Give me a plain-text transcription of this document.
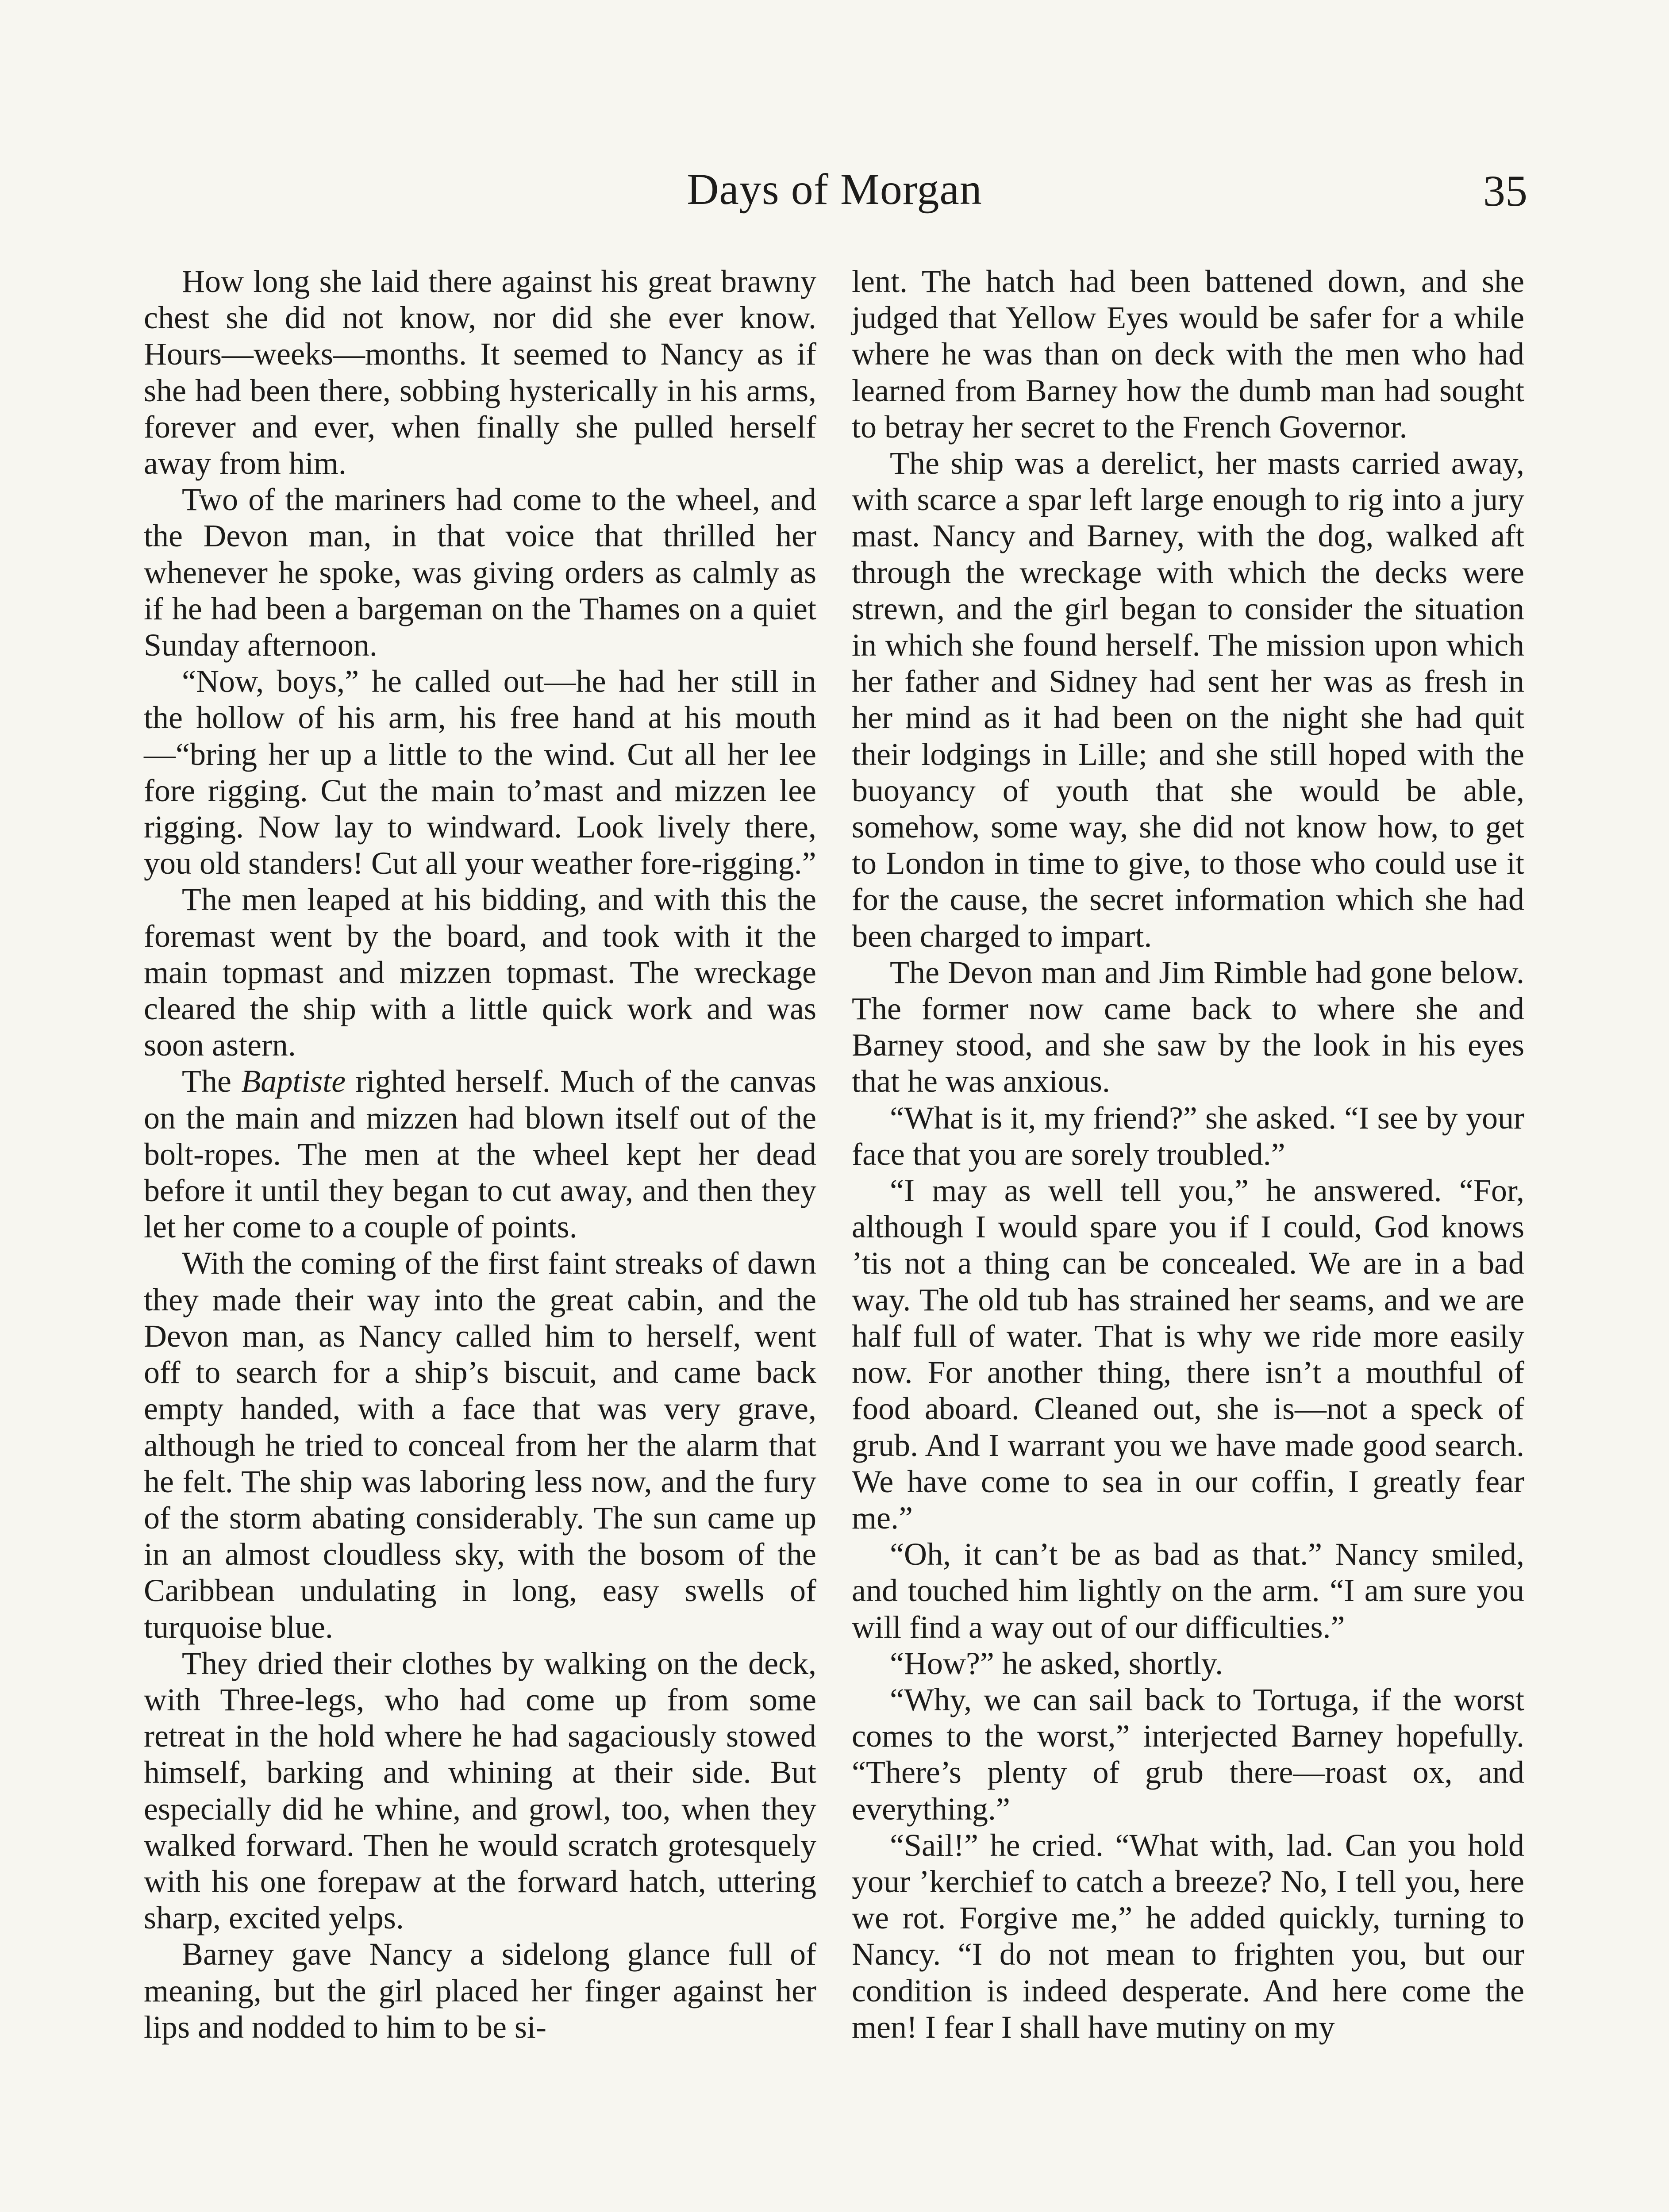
Days of Morgan	35

How long she laid there against his great brawny chest she did not know, nor did she ever know. Hours—weeks—months. It seemed to Nancy as if she had been there, sobbing hysterically in his arms, forever and ever, when finally she pulled herself away from him.

Two of the mariners had come to the wheel, and the Devon man, in that voice that thrilled her whenever he spoke, was giving orders as calmly as if he had been a bargeman on the Thames on a quiet Sunday afternoon.

“Now, boys,” he called out—he had her still in the hollow of his arm, his free hand at his mouth—“bring her up a little to the wind. Cut all her lee fore rigging. Cut the main to’mast and mizzen lee rigging. Now lay to windward. Look lively there, you old standers! Cut all your weather fore-rigging.”

The men leaped at his bidding, and with this the foremast went by the board, and took with it the main topmast and mizzen topmast. The wreckage cleared the ship with a little quick work and was soon astern.

The Baptiste righted herself. Much of the canvas on the main and mizzen had blown itself out of the bolt-ropes. The men at the wheel kept her dead before it until they began to cut away, and then they let her come to a couple of points.

With the coming of the first faint streaks of dawn they made their way into the great cabin, and the Devon man, as Nancy called him to herself, went off to search for a ship’s biscuit, and came back empty handed, with a face that was very grave, although he tried to conceal from her the alarm that he felt. The ship was laboring less now, and the fury of the storm abating considerably. The sun came up in an almost cloudless sky, with the bosom of the Caribbean undulating in long, easy swells of turquoise blue.

They dried their clothes by walking on the deck, with Three-legs, who had come up from some retreat in the hold where he had sagaciously stowed himself, barking and whining at their side. But especially did he whine, and growl, too, when they walked forward. Then he would scratch grotesquely with his one forepaw at the forward hatch, uttering sharp, excited yelps.

Barney gave Nancy a sidelong glance full of meaning, but the girl placed her finger against her lips and nodded to him to be si-

lent. The hatch had been battened down, and she judged that Yellow Eyes would be safer for a while where he was than on deck with the men who had learned from Barney how the dumb man had sought to betray her secret to the French Governor.

The ship was a derelict, her masts carried away, with scarce a spar left large enough to rig into a jury mast. Nancy and Barney, with the dog, walked aft through the wreckage with which the decks were strewn, and the girl began to consider the situation in which she found herself. The mission upon which her father and Sidney had sent her was as fresh in her mind as it had been on the night she had quit their lodgings in Lille; and she still hoped with the buoyancy of youth that she would be able, somehow, some way, she did not know how, to get to London in time to give, to those who could use it for the cause, the secret information which she had been charged to impart.

The Devon man and Jim Rimble had gone below. The former now came back to where she and Barney stood, and she saw by the look in his eyes that he was anxious.

“What is it, my friend?” she asked. “I see by your face that you are sorely troubled.”

“I may as well tell you,” he answered. “For, although I would spare you if I could, God knows ’tis not a thing can be concealed. We are in a bad way. The old tub has strained her seams, and we are half full of water. That is why we ride more easily now. For another thing, there isn’t a mouthful of food aboard. Cleaned out, she is—not a speck of grub. And I warrant you we have made good search. We have come to sea in our coffin, I greatly fear me.”

“Oh, it can’t be as bad as that.” Nancy smiled, and touched him lightly on the arm. “I am sure you will find a way out of our difficulties.”

“How?” he asked, shortly.

“Why, we can sail back to Tortuga, if the worst comes to the worst,” interjected Barney hopefully. “There’s plenty of grub there—roast ox, and everything.”

“Sail!” he cried. “What with, lad. Can you hold your ’kerchief to catch a breeze? No, I tell you, here we rot. Forgive me,” he added quickly, turning to Nancy. “I do not mean to frighten you, but our condition is indeed desperate. And here come the men! I fear I shall have mutiny on my
